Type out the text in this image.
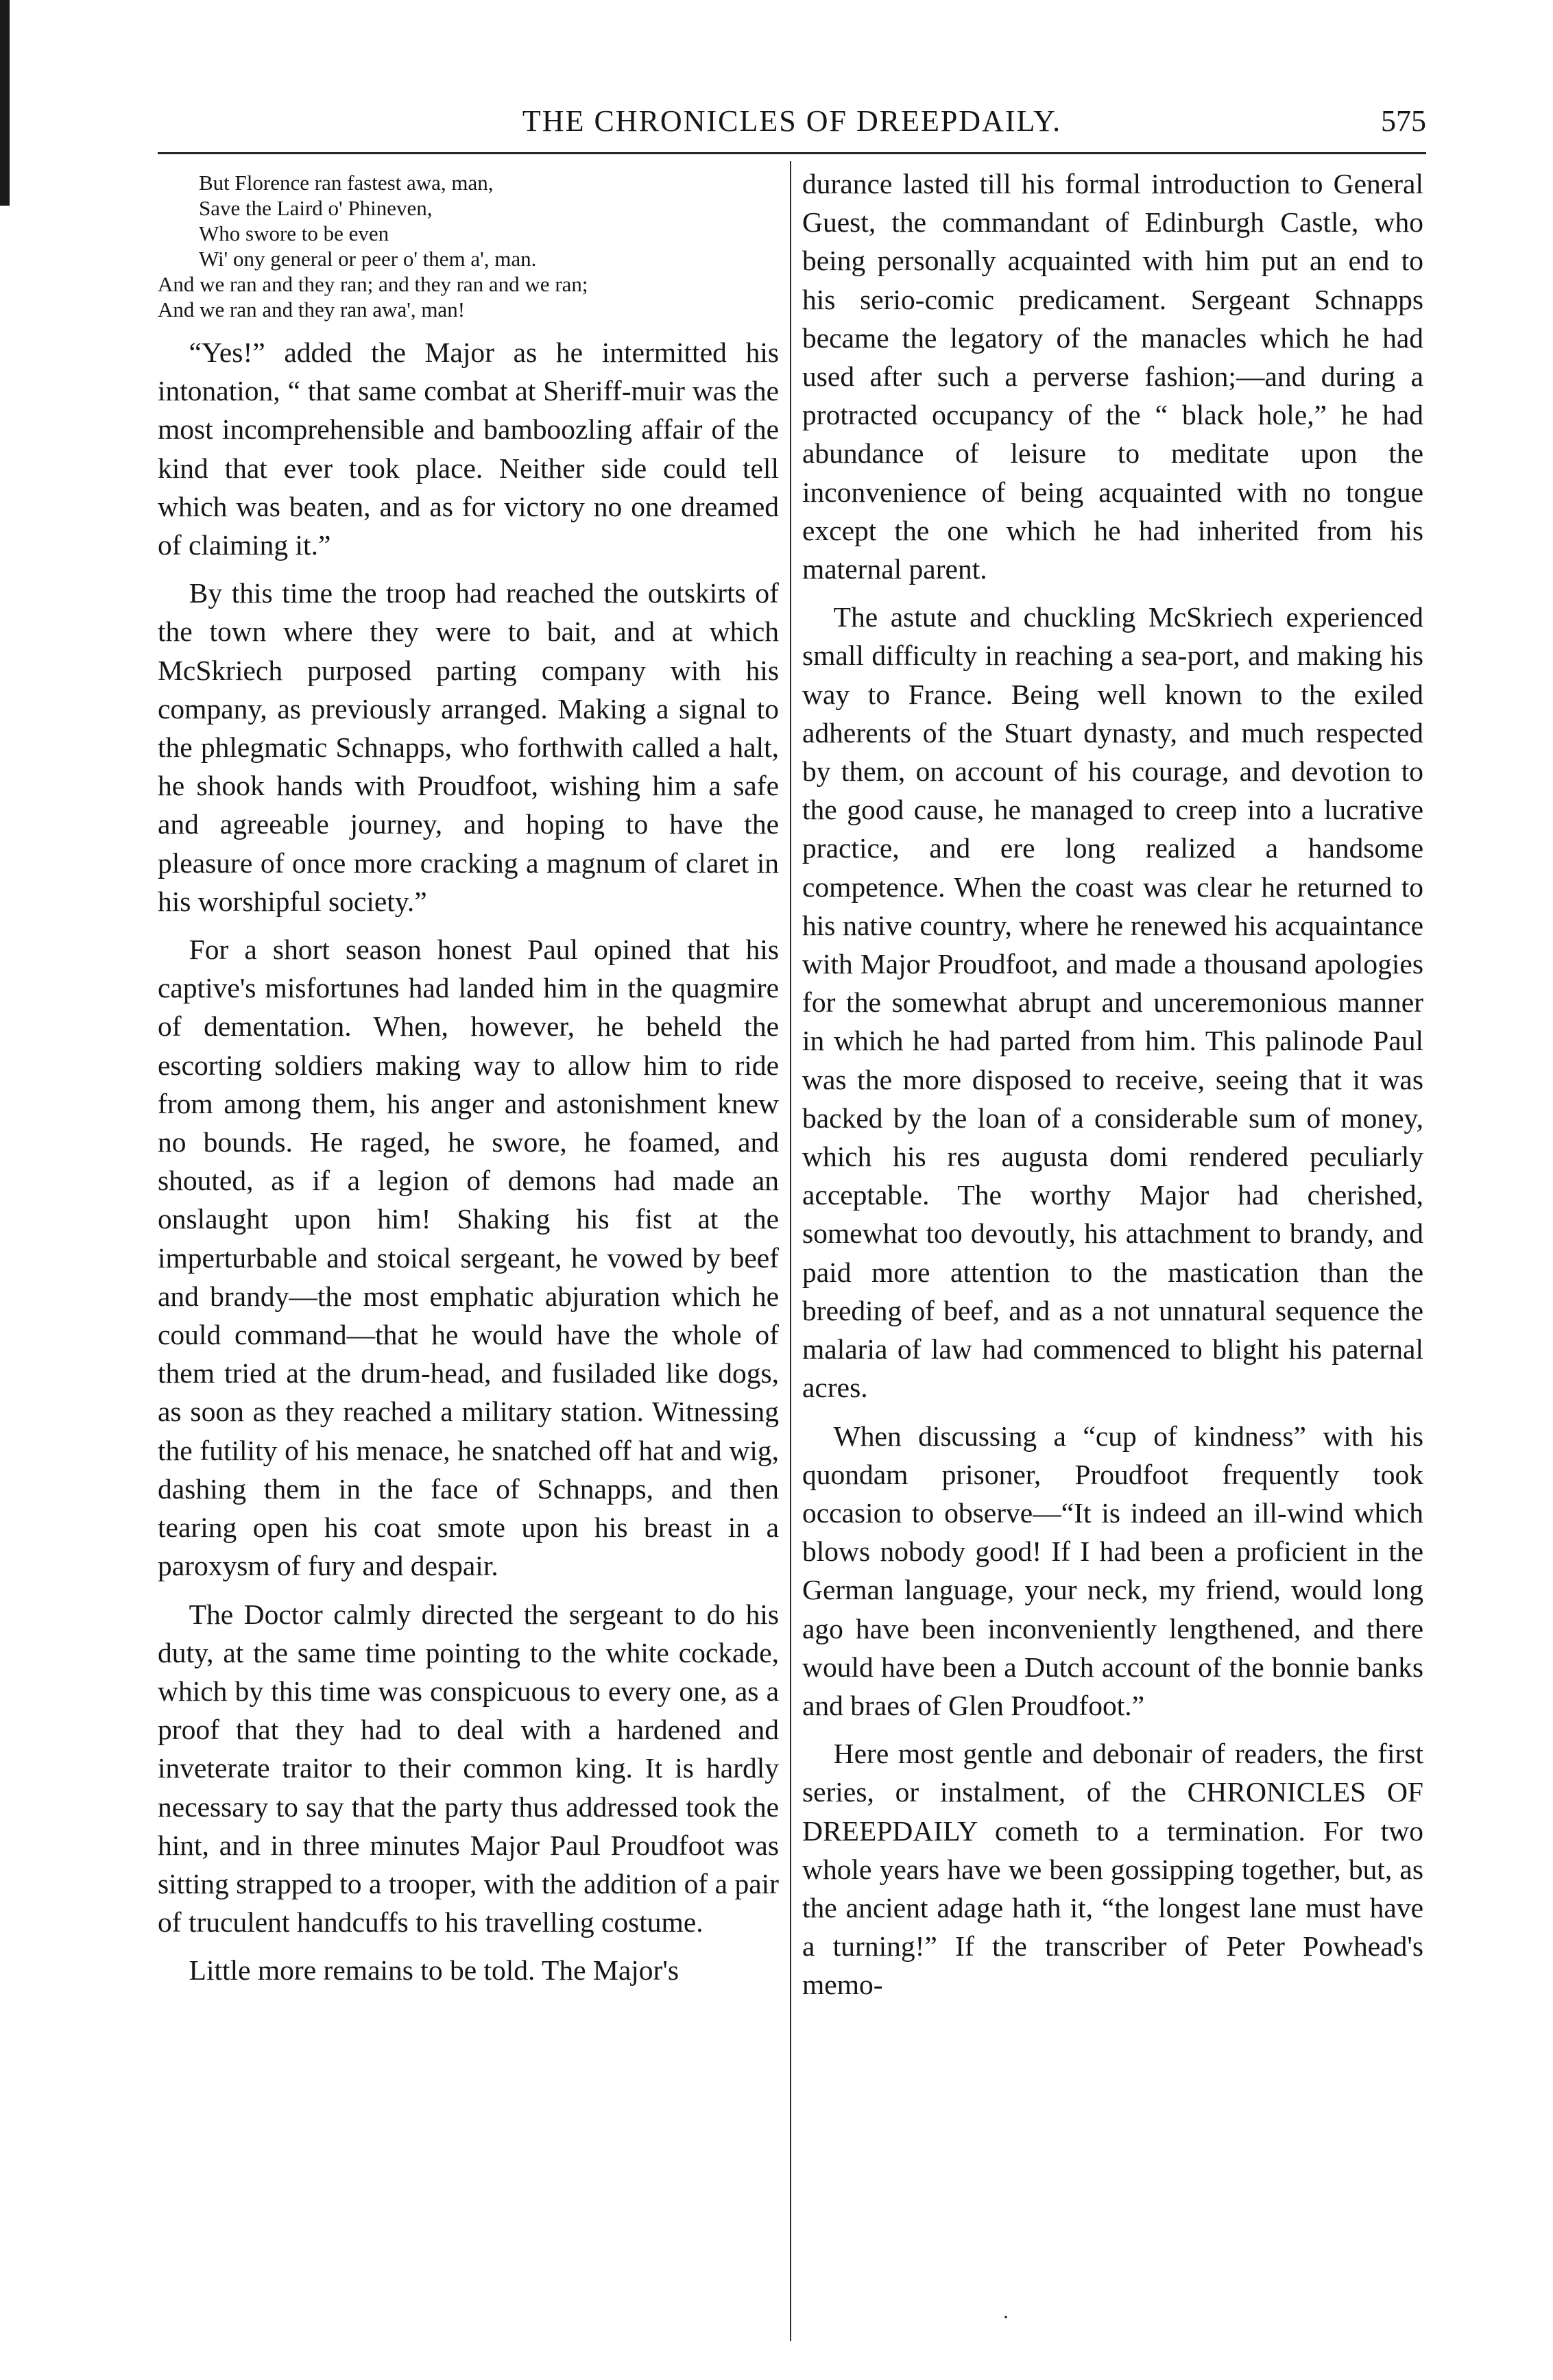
THE CHRONICLES OF DREEPDAILY.	575
But Florence ran fastest awa, man,
Save the Laird o' Phineven,
Who swore to be even
Wi' ony general or peer o' them a', man.
And we ran and they ran; and they ran and we ran;
And we ran and they ran awa', man!

“Yes!” added the Major as he intermitted his intonation, “ that same combat at Sheriff-muir was the most incomprehensible and bamboozling affair of the kind that ever took place. Neither side could tell which was beaten, and as for victory no one dreamed of claiming it.”

By this time the troop had reached the outskirts of the town where they were to bait, and at which McSkriech purposed parting company with his company, as previously arranged. Making a signal to the phlegmatic Schnapps, who forthwith called a halt, he shook hands with Proudfoot, wishing him a safe and agreeable journey, and hoping to have the pleasure of once more cracking a magnum of claret in his worshipful society.”

For a short season honest Paul opined that his captive's misfortunes had landed him in the quagmire of dementation. When, however, he beheld the escorting soldiers making way to allow him to ride from among them, his anger and astonishment knew no bounds. He raged, he swore, he foamed, and shouted, as if a legion of demons had made an onslaught upon him! Shaking his fist at the imperturbable and stoical sergeant, he vowed by beef and brandy—the most emphatic abjuration which he could command—that he would have the whole of them tried at the drum-head, and fusiladed like dogs, as soon as they reached a military station. Witnessing the futility of his menace, he snatched off hat and wig, dashing them in the face of Schnapps, and then tearing open his coat smote upon his breast in a paroxysm of fury and despair.

The Doctor calmly directed the sergeant to do his duty, at the same time pointing to the white cockade, which by this time was conspicuous to every one, as a proof that they had to deal with a hardened and inveterate traitor to their common king. It is hardly necessary to say that the party thus addressed took the hint, and in three minutes Major Paul Proudfoot was sitting strapped to a trooper, with the addition of a pair of truculent handcuffs to his travelling costume.

Little more remains to be told. The Major's

durance lasted till his formal introduction to General Guest, the commandant of Edinburgh Castle, who being personally acquainted with him put an end to his serio-comic predicament. Sergeant Schnapps became the legatory of the manacles which he had used after such a perverse fashion;—and during a protracted occupancy of the “ black hole,” he had abundance of leisure to meditate upon the inconvenience of being acquainted with no tongue except the one which he had inherited from his maternal parent.

The astute and chuckling McSkriech experienced small difficulty in reaching a sea-port, and making his way to France. Being well known to the exiled adherents of the Stuart dynasty, and much respected by them, on account of his courage, and devotion to the good cause, he managed to creep into a lucrative practice, and ere long realized a handsome competence. When the coast was clear he returned to his native country, where he renewed his acquaintance with Major Proudfoot, and made a thousand apologies for the somewhat abrupt and unceremonious manner in which he had parted from him. This palinode Paul was the more disposed to receive, seeing that it was backed by the loan of a considerable sum of money, which his res augusta domi rendered peculiarly acceptable. The worthy Major had cherished, somewhat too devoutly, his attachment to brandy, and paid more attention to the mastication than the breeding of beef, and as a not unnatural sequence the malaria of law had commenced to blight his paternal acres.

When discussing a “cup of kindness” with his quondam prisoner, Proudfoot frequently took occasion to observe—“It is indeed an ill-wind which blows nobody good! If I had been a proficient in the German language, your neck, my friend, would long ago have been inconveniently lengthened, and there would have been a Dutch account of the bonnie banks and braes of Glen Proudfoot.”

Here most gentle and debonair of readers, the first series, or instalment, of the CHRONICLES OF DREEPDAILY cometh to a termination. For two whole years have we been gossipping together, but, as the ancient adage hath it, “the longest lane must have a turning!” If the transcriber of Peter Powhead's memo-

·
